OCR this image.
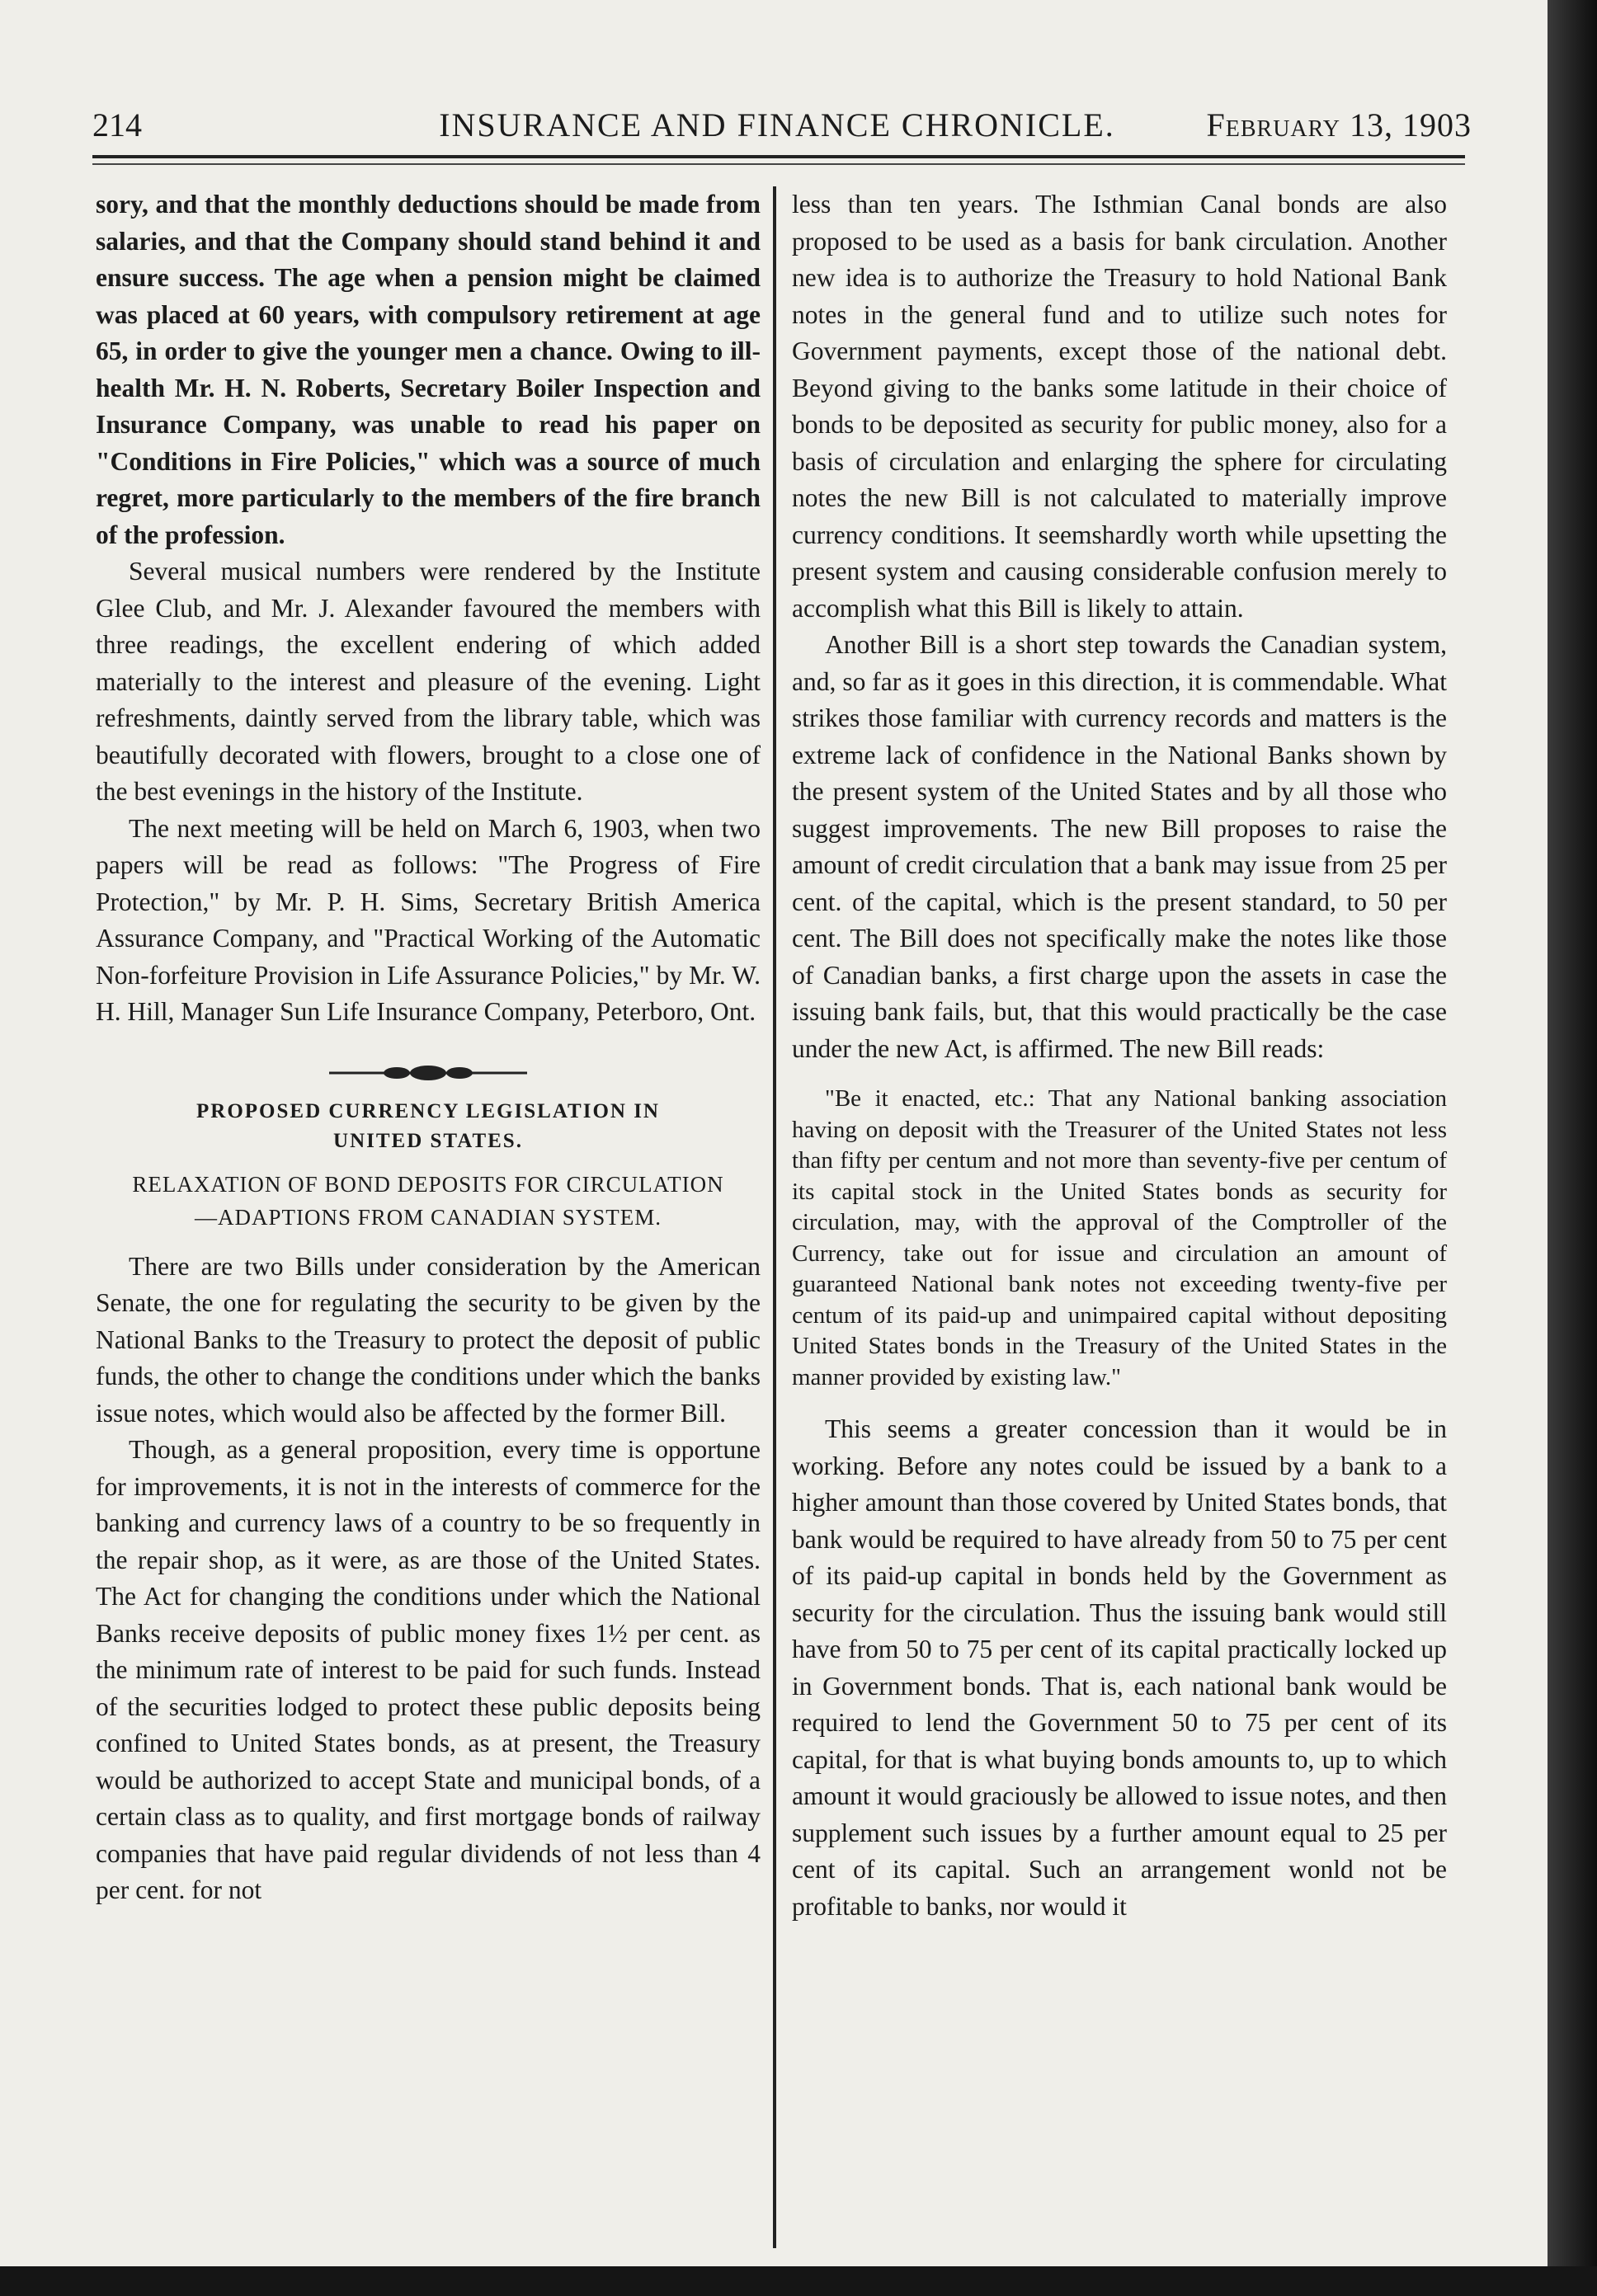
214	INSURANCE AND FINANCE CHRONICLE.	February 13, 1903

sory, and that the monthly deductions should be made from salaries, and that the Company should stand behind it and ensure success. The age when a pension might be claimed was placed at 60 years, with compulsory retirement at age 65, in order to give the younger men a chance. Owing to ill-health Mr. H. N. Roberts, Secretary Boiler Inspection and Insurance Company, was unable to read his paper on "Conditions in Fire Policies," which was a source of much regret, more particularly to the members of the fire branch of the profession.

Several musical numbers were rendered by the Institute Glee Club, and Mr. J. Alexander favoured the members with three readings, the excellent endering of which added materially to the interest and pleasure of the evening. Light refreshments, daintly served from the library table, which was beautifully decorated with flowers, brought to a close one of the best evenings in the history of the Institute.

The next meeting will be held on March 6, 1903, when two papers will be read as follows: "The Progress of Fire Protection," by Mr. P. H. Sims, Secretary British America Assurance Company, and "Practical Working of the Automatic Non-forfeiture Provision in Life Assurance Policies," by Mr. W. H. Hill, Manager Sun Life Insurance Company, Peterboro, Ont.

PROPOSED CURRENCY LEGISLATION IN
UNITED STATES.
RELAXATION OF BOND DEPOSITS FOR CIRCULATION
—ADAPTIONS FROM CANADIAN SYSTEM.

There are two Bills under consideration by the American Senate, the one for regulating the security to be given by the National Banks to the Treasury to protect the deposit of public funds, the other to change the conditions under which the banks issue notes, which would also be affected by the former Bill.

Though, as a general proposition, every time is opportune for improvements, it is not in the interests of commerce for the banking and currency laws of a country to be so frequently in the repair shop, as it were, as are those of the United States. The Act for changing the conditions under which the National Banks receive deposits of public money fixes 1½ per cent. as the minimum rate of interest to be paid for such funds. Instead of the securities lodged to protect these public deposits being confined to United States bonds, as at present, the Treasury would be authorized to accept State and municipal bonds, of a certain class as to quality, and first mortgage bonds of railway companies that have paid regular dividends of not less than 4 per cent. for not

less than ten years. The Isthmian Canal bonds are also proposed to be used as a basis for bank circulation. Another new idea is to authorize the Treasury to hold National Bank notes in the general fund and to utilize such notes for Government payments, except those of the national debt. Beyond giving to the banks some latitude in their choice of bonds to be deposited as security for public money, also for a basis of circulation and enlarging the sphere for circulating notes the new Bill is not calculated to materially improve currency conditions. It seemshardly worth while upsetting the present system and causing considerable confusion merely to accomplish what this Bill is likely to attain.

Another Bill is a short step towards the Canadian system, and, so far as it goes in this direction, it is commendable. What strikes those familiar with currency records and matters is the extreme lack of confidence in the National Banks shown by the present system of the United States and by all those who suggest improvements. The new Bill proposes to raise the amount of credit circulation that a bank may issue from 25 per cent. of the capital, which is the present standard, to 50 per cent. The Bill does not specifically make the notes like those of Canadian banks, a first charge upon the assets in case the issuing bank fails, but, that this would practically be the case under the new Act, is affirmed. The new Bill reads:

"Be it enacted, etc.: That any National banking association having on deposit with the Treasurer of the United States not less than fifty per centum and not more than seventy-five per centum of its capital stock in the United States bonds as security for circulation, may, with the approval of the Comptroller of the Currency, take out for issue and circulation an amount of guaranteed National bank notes not exceeding twenty-five per centum of its paid-up and unimpaired capital without depositing United States bonds in the Treasury of the United States in the manner provided by existing law."

This seems a greater concession than it would be in working. Before any notes could be issued by a bank to a higher amount than those covered by United States bonds, that bank would be required to have already from 50 to 75 per cent of its paid-up capital in bonds held by the Government as security for the circulation. Thus the issuing bank would still have from 50 to 75 per cent of its capital practically locked up in Government bonds. That is, each national bank would be required to lend the Government 50 to 75 per cent of its capital, for that is what buying bonds amounts to, up to which amount it would graciously be allowed to issue notes, and then supplement such issues by a further amount equal to 25 per cent of its capital. Such an arrangement wonld not be profitable to banks, nor would it
